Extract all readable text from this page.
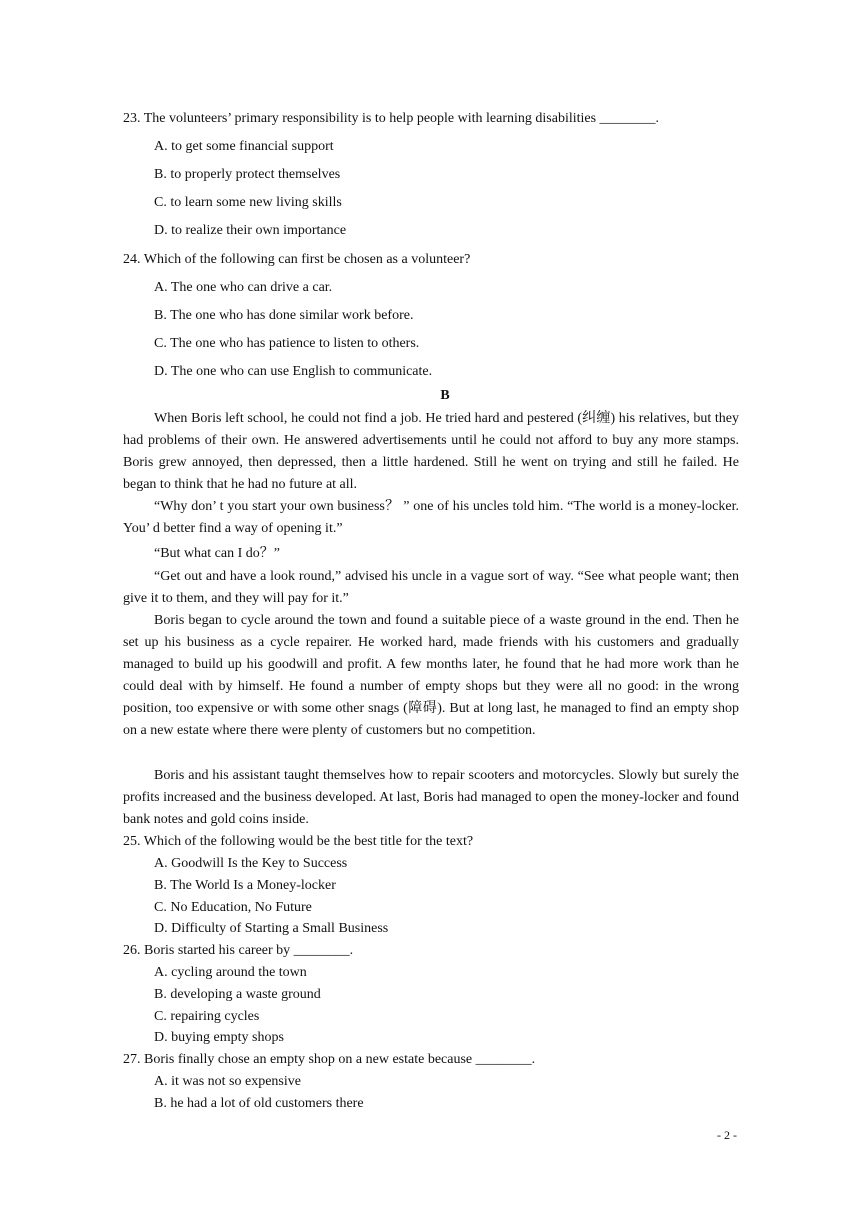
23. The volunteers’ primary responsibility is to help people with learning disabilities ________.
A. to get some financial support
B. to properly protect themselves
C. to learn some new living skills
D. to realize their own importance
24. Which of the following can first be chosen as a volunteer?
A. The one who can drive a car.
B. The one who has done similar work before.
C. The one who has patience to listen to others.
D. The one who can use English to communicate.
B

When Boris left school, he could not find a job. He tried hard and pestered (纠缠) his relatives, but they had problems of their own. He answered advertisements until he could not afford to buy any more stamps. Boris grew annoyed, then depressed, then a little hardened. Still he went on trying and still he failed. He began to think that he had no future at all.

“Why don’ t you start your own business？ ” one of his uncles told him. “The world is a money-locker. You’ d better find a way of opening it.”

“But what can I do？”

“Get out and have a look round,” advised his uncle in a vague sort of way. “See what people want; then give it to them, and they will pay for it.”

Boris began to cycle around the town and found a suitable piece of a waste ground in the end. Then he set up his business as a cycle repairer. He worked hard, made friends with his customers and gradually managed to build up his goodwill and profit. A few months later, he found that he had more work than he could deal with by himself. He found a number of empty shops but they were all no good: in the wrong position, too expensive or with some other snags (障碍). But at long last, he managed to find an empty shop on a new estate where there were plenty of customers but no competition.

Boris and his assistant taught themselves how to repair scooters and motorcycles. Slowly but surely the profits increased and the business developed. At last, Boris had managed to open the money-locker and found bank notes and gold coins inside.

25. Which of the following would be the best title for the text?
A. Goodwill Is the Key to Success
B. The World Is a Money-locker
C. No Education, No Future
D. Difficulty of Starting a Small Business
26. Boris started his career by ________.
A. cycling around the town
B. developing a waste ground
C. repairing cycles
D. buying empty shops
27. Boris finally chose an empty shop on a new estate because ________.
A. it was not so expensive
B. he had a lot of old customers there
- 2 -
